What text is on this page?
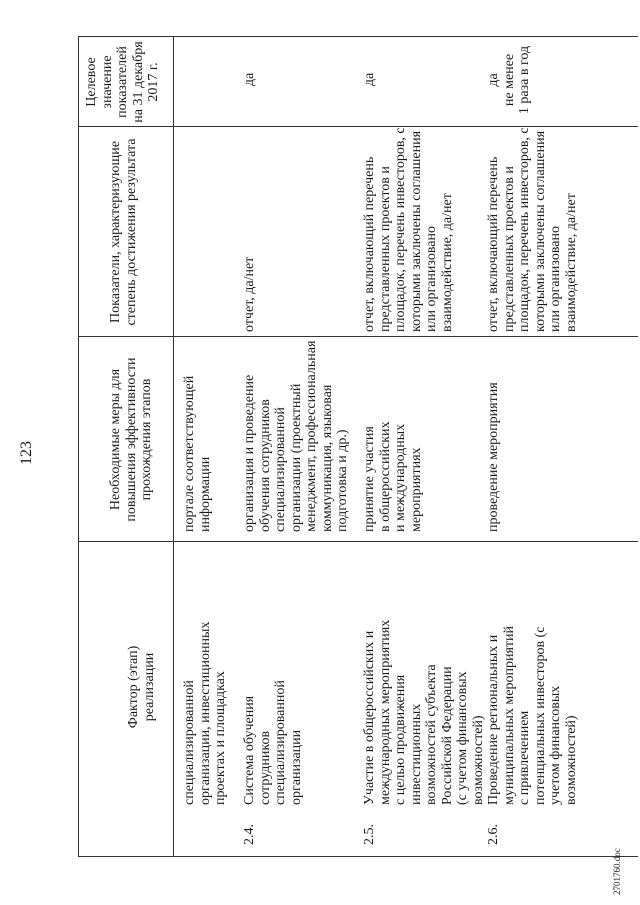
123
Фактор (этап)
реализации
Необходимые меры для
повышения эффективности
прохождения этапов
Показатели, характеризующие
степень достижения результата
Целевое
значение
показателей
на 31 декабря
2017 г.
специализированной
организации, инвестиционных
проектах и площадках
портале соответствующей
информации
2.4.
Система обучения
сотрудников
специализированной
организации
организация и проведение
обучения сотрудников
специализированной
организации (проектный
менеджмент, профессиональная
коммуникация, языковая
подготовка и др.)
отчет, да/нет
да
2.5.
Участие в общероссийских и
международных мероприятиях
с целью продвижения
инвестиционных
возможностей субъекта
Российской Федерации
(с учетом финансовых
возможностей)
принятие участия
в общероссийских
и международных
мероприятиях
отчет, включающий перечень
представленных проектов и
площадок, перечень инвесторов, с
которыми заключены соглашения
или организовано
взаимодействие, да/нет
да
2.6.
Проведение региональных и
муниципальных мероприятий
с привлечением
потенциальных инвесторов (с
учетом финансовых
возможностей)
проведение мероприятия
отчет, включающий перечень
представленных проектов и
площадок, перечень инвесторов, с
которыми заключены соглашения
или организовано
взаимодействие, да/нет
да
не менее
1 раза в год
2701760.doc
